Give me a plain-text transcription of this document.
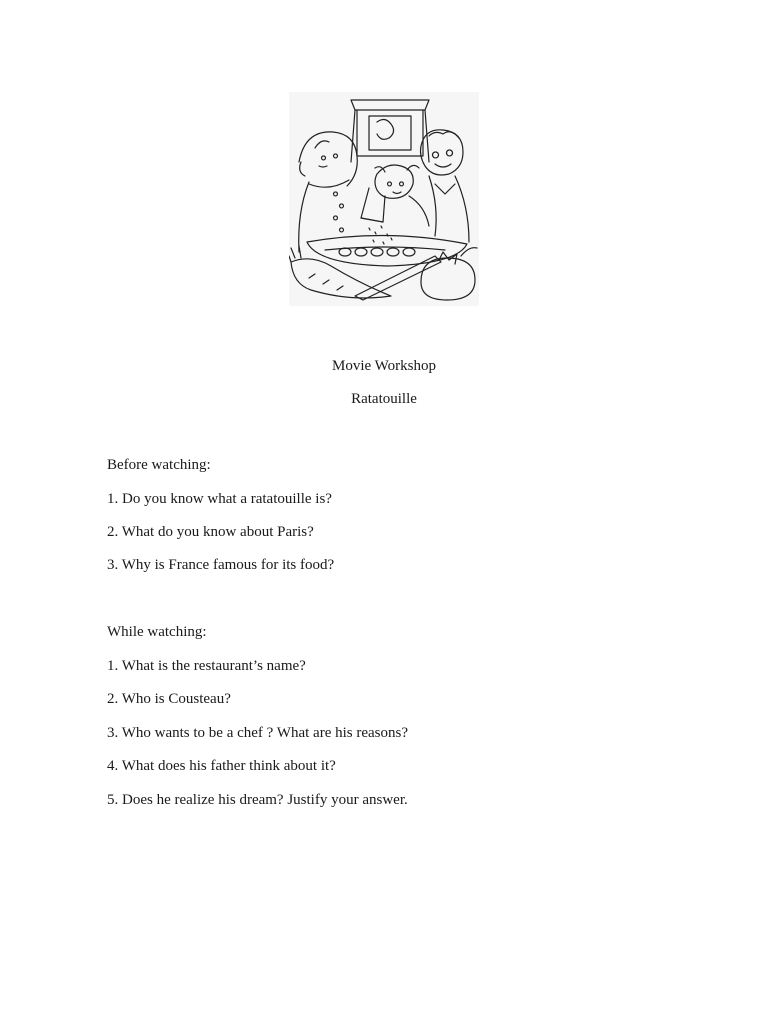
Movie Workshop
Ratatouille
Before watching:
1. Do you know what a ratatouille is?
2. What do you know about Paris?
3. Why is France famous for its food?
While watching:
1. What is the restaurant’s name?
2. Who is Cousteau?
3. Who wants to be a chef ? What are his reasons?
4. What does his father think about it?
5. Does he realize his dream? Justify your answer.
